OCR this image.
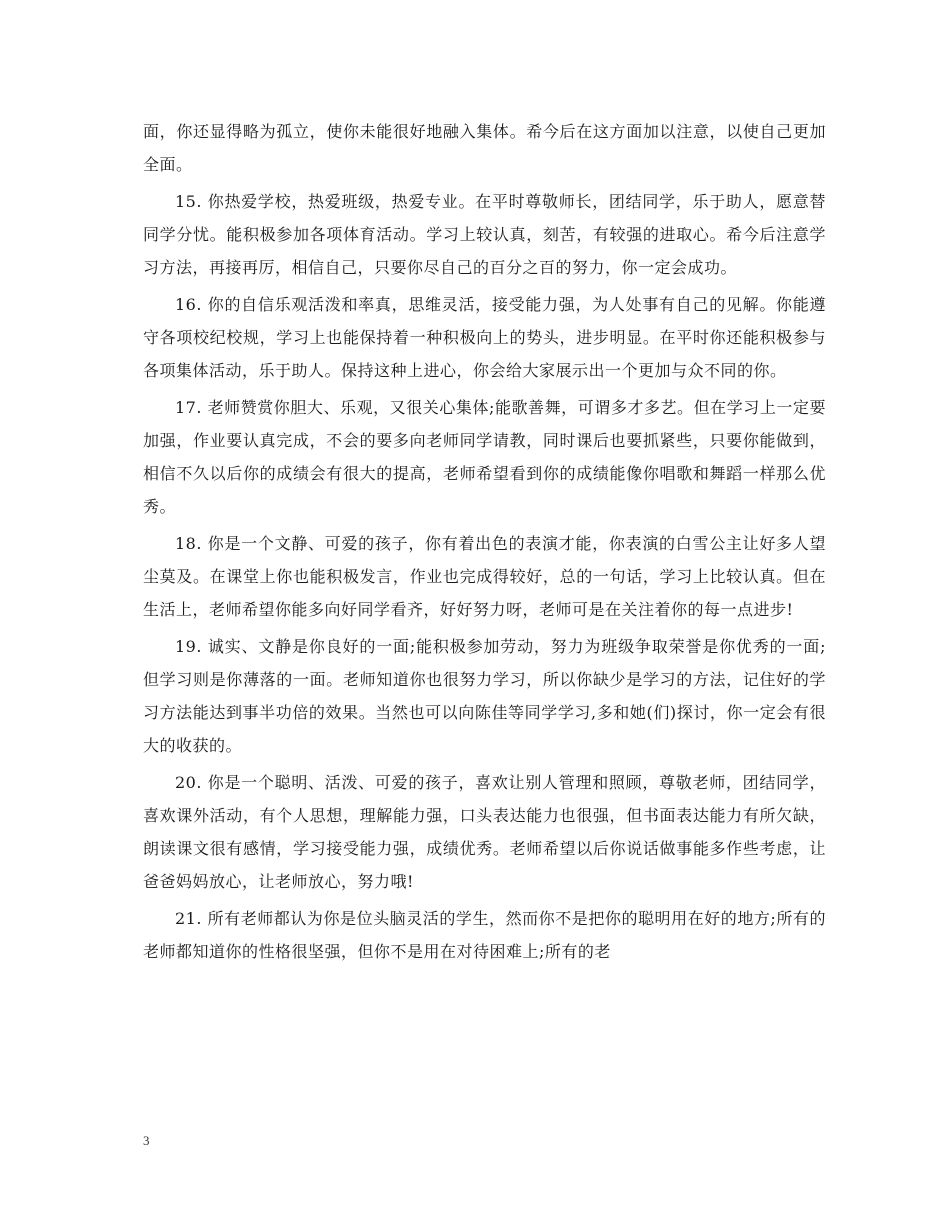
面，你还显得略为孤立，使你未能很好地融入集体。希今后在这方面加以注意，以使自己更加全面。

15. 你热爱学校，热爱班级，热爱专业。在平时尊敬师长，团结同学，乐于助人，愿意替同学分忧。能积极参加各项体育活动。学习上较认真，刻苦，有较强的进取心。希今后注意学习方法，再接再厉，相信自己，只要你尽自己的百分之百的努力，你一定会成功。

16. 你的自信乐观活泼和率真，思维灵活，接受能力强，为人处事有自己的见解。你能遵守各项校纪校规，学习上也能保持着一种积极向上的势头，进步明显。在平时你还能积极参与各项集体活动，乐于助人。保持这种上进心，你会给大家展示出一个更加与众不同的你。

17. 老师赞赏你胆大、乐观，又很关心集体;能歌善舞，可谓多才多艺。但在学习上一定要加强，作业要认真完成，不会的要多向老师同学请教，同时课后也要抓紧些，只要你能做到，相信不久以后你的成绩会有很大的提高，老师希望看到你的成绩能像你唱歌和舞蹈一样那么优秀。

18. 你是一个文静、可爱的孩子，你有着出色的表演才能，你表演的白雪公主让好多人望尘莫及。在课堂上你也能积极发言，作业也完成得较好，总的一句话，学习上比较认真。但在生活上，老师希望你能多向好同学看齐，好好努力呀，老师可是在关注着你的每一点进步!

19. 诚实、文静是你良好的一面;能积极参加劳动，努力为班级争取荣誉是你优秀的一面;但学习则是你薄落的一面。老师知道你也很努力学习，所以你缺少是学习的方法，记住好的学习方法能达到事半功倍的效果。当然也可以向陈佳等同学学习,多和她(们)探讨，你一定会有很大的收获的。

20. 你是一个聪明、活泼、可爱的孩子，喜欢让别人管理和照顾，尊敬老师，团结同学，喜欢课外活动，有个人思想，理解能力强，口头表达能力也很强，但书面表达能力有所欠缺，朗读课文很有感情，学习接受能力强，成绩优秀。老师希望以后你说话做事能多作些考虑，让爸爸妈妈放心，让老师放心，努力哦!

21. 所有老师都认为你是位头脑灵活的学生，然而你不是把你的聪明用在好的地方;所有的老师都知道你的性格很坚强，但你不是用在对待困难上;所有的老

3
